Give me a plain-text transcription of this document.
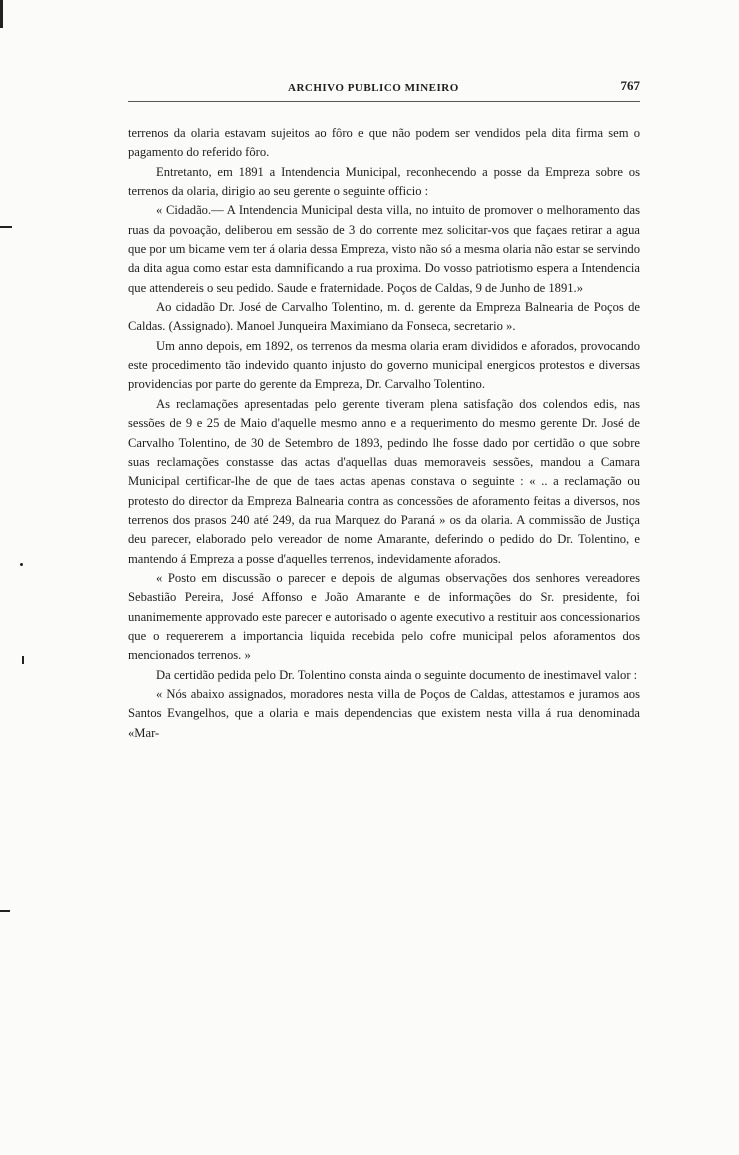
ARCHIVO PUBLICO MINEIRO	767

terrenos da olaria estavam sujeitos ao fôro e que não podem ser vendidos pela dita firma sem o pagamento do referido fôro.

Entretanto, em 1891 a Intendencia Municipal, reconhecendo a posse da Empreza sobre os terrenos da olaria, dirigio ao seu gerente o seguinte officio :

« Cidadão.— A Intendencia Municipal desta villa, no intuito de promover o melhoramento das ruas da povoação, deliberou em sessão de 3 do corrente mez solicitar-vos que façaes retirar a agua que por um bicame vem ter á olaria dessa Empreza, visto não só a mesma olaria não estar se servindo da dita agua como estar esta damnificando a rua proxima. Do vosso patriotismo espera a Intendencia que attendereis o seu pedido. Saude e fraternidade. Poços de Caldas, 9 de Junho de 1891.»

Ao cidadão Dr. José de Carvalho Tolentino, m. d. gerente da Empreza Balnearia de Poços de Caldas. (Assignado). Manoel Junqueira Maximiano da Fonseca, secretario ».

Um anno depois, em 1892, os terrenos da mesma olaria eram divididos e aforados, provocando este procedimento tão indevido quanto injusto do governo municipal energicos protestos e diversas providencias por parte do gerente da Empreza, Dr. Carvalho Tolentino.

As reclamações apresentadas pelo gerente tiveram plena satisfação dos colendos edis, nas sessões de 9 e 25 de Maio d'aquelle mesmo anno e a requerimento do mesmo gerente Dr. José de Carvalho Tolentino, de 30 de Setembro de 1893, pedindo lhe fosse dado por certidão o que sobre suas reclamações constasse das actas d'aquellas duas memoraveis sessões, mandou a Camara Municipal certificar-lhe de que de taes actas apenas constava o seguinte : « .. a reclamação ou protesto do director da Empreza Balnearia contra as concessões de aforamento feitas a diversos, nos terrenos dos prasos 240 até 249, da rua Marquez do Paraná » os da olaria. A commissão de Justiça deu parecer, elaborado pelo vereador de nome Amarante, deferindo o pedido do Dr. Tolentino, e mantendo á Empreza a posse d'aquelles terrenos, indevidamente aforados.

« Posto em discussão o parecer e depois de algumas observações dos senhores vereadores Sebastião Pereira, José Affonso e João Amarante e de informações do Sr. presidente, foi unanimemente approvado este parecer e autorisado o agente executivo a restituir aos concessionarios que o requererem a importancia liquida recebida pelo cofre municipal pelos aforamentos dos mencionados terrenos. »

Da certidão pedida pelo Dr. Tolentino consta ainda o seguinte documento de inestimavel valor :

« Nós abaixo assignados, moradores nesta villa de Poços de Caldas, attestamos e juramos aos Santos Evangelhos, que a olaria e mais dependencias que existem nesta villa á rua denominada «Mar-
